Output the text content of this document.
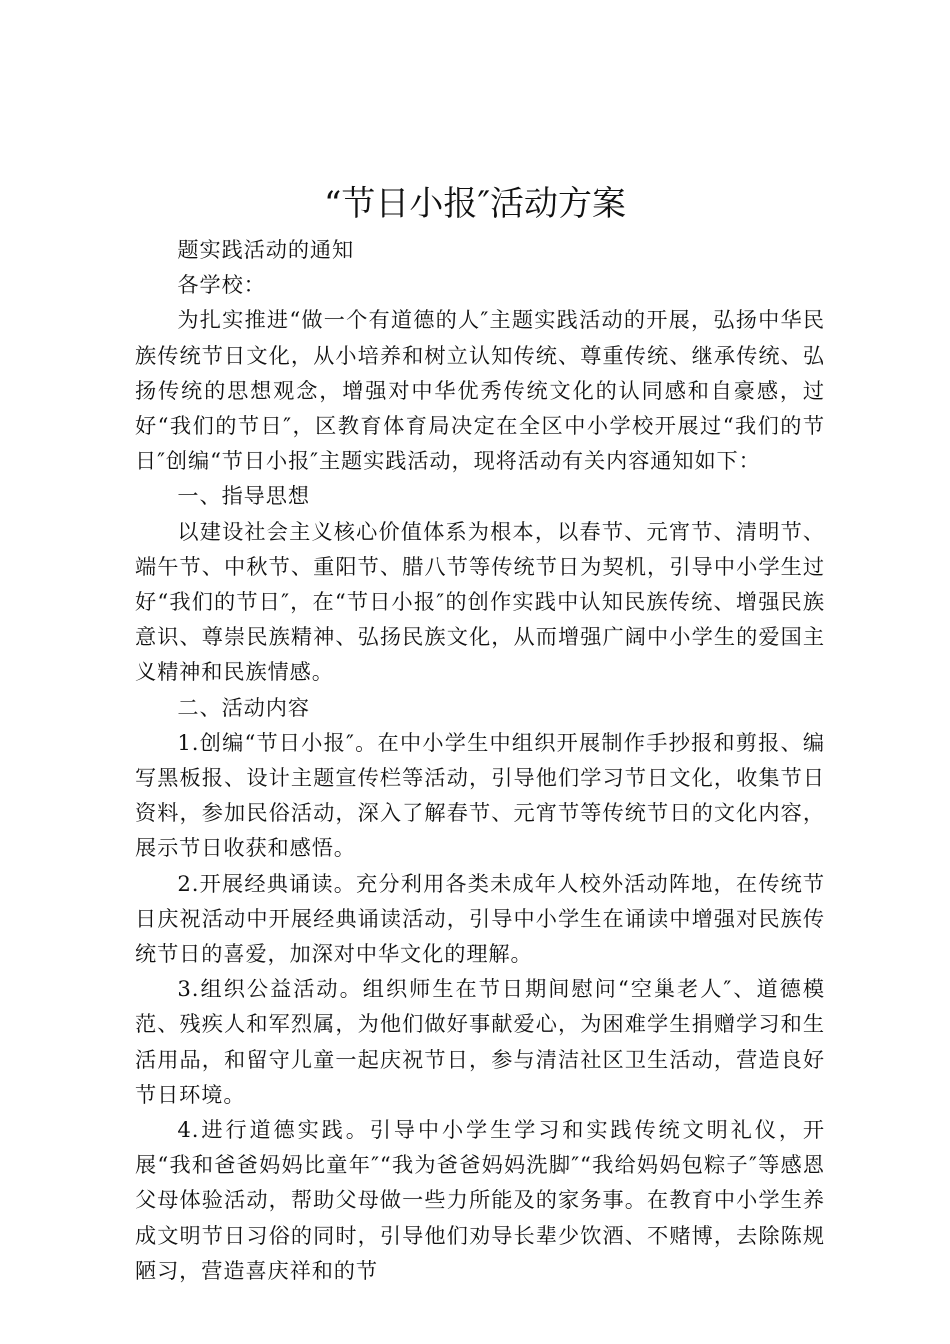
“节日小报″活动方案

题实践活动的通知

各学校：

为扎实推进“做一个有道德的人″主题实践活动的开展，弘扬中华民族传统节日文化，从小培养和树立认知传统、尊重传统、继承传统、弘扬传统的思想观念，增强对中华优秀传统文化的认同感和自豪感，过好“我们的节日″，区教育体育局决定在全区中小学校开展过“我们的节日″创编“节日小报″主题实践活动，现将活动有关内容通知如下：

一、指导思想

以建设社会主义核心价值体系为根本，以春节、元宵节、清明节、端午节、中秋节、重阳节、腊八节等传统节日为契机，引导中小学生过好“我们的节日″，在“节日小报″的创作实践中认知民族传统、增强民族意识、尊崇民族精神、弘扬民族文化，从而增强广阔中小学生的爱国主义精神和民族情感。

二、活动内容

1.创编“节日小报″。在中小学生中组织开展制作手抄报和剪报、编写黑板报、设计主题宣传栏等活动，引导他们学习节日文化，收集节日资料，参加民俗活动，深入了解春节、元宵节等传统节日的文化内容，展示节日收获和感悟。

2.开展经典诵读。充分利用各类未成年人校外活动阵地，在传统节日庆祝活动中开展经典诵读活动，引导中小学生在诵读中增强对民族传统节日的喜爱，加深对中华文化的理解。

3.组织公益活动。组织师生在节日期间慰问“空巢老人″、道德模范、残疾人和军烈属，为他们做好事献爱心，为困难学生捐赠学习和生活用品，和留守儿童一起庆祝节日，参与清洁社区卫生活动，营造良好节日环境。

4.进行道德实践。引导中小学生学习和实践传统文明礼仪，开展“我和爸爸妈妈比童年″“我为爸爸妈妈洗脚″“我给妈妈包粽子″等感恩父母体验活动，帮助父母做一些力所能及的家务事。在教育中小学生养成文明节日习俗的同时，引导他们劝导长辈少饮酒、不赌博，去除陈规陋习，营造喜庆祥和的节
